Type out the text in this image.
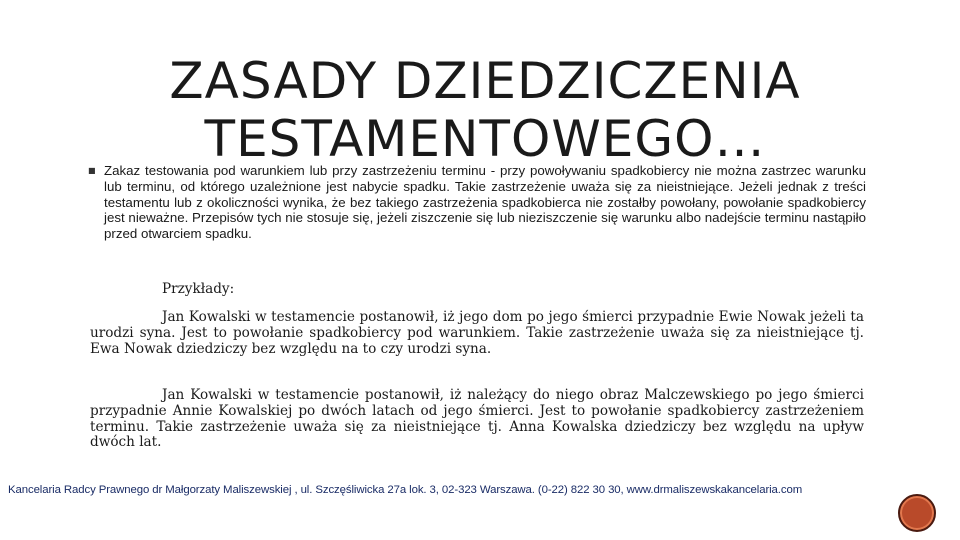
ZASADY DZIEDZICZENIA TESTAMENTOWEGO…
■ Zakaz testowania pod warunkiem lub przy zastrzeżeniu terminu - przy powoływaniu spadkobiercy nie można zastrzec warunku lub terminu, od którego uzależnione jest nabycie spadku. Takie zastrzeżenie uważa się za nieistniejące. Jeżeli jednak z treści testamentu lub z okoliczności wynika, że bez takiego zastrzeżenia spadkobierca nie zostałby powołany, powołanie spadkobiercy jest nieważne. Przepisów tych nie stosuje się, jeżeli ziszczenie się lub nieziszczenie się warunku albo nadejście terminu nastąpiło przed otwarciem spadku.

Przykłady:

Jan Kowalski w testamencie postanowił, iż jego dom po jego śmierci przypadnie Ewie Nowak jeżeli ta urodzi syna. Jest to powołanie spadkobiercy pod warunkiem. Takie zastrzeżenie uważa się za nieistniejące tj. Ewa Nowak dziedziczy bez względu na to czy urodzi syna.

Jan Kowalski w testamencie postanowił, iż należący do niego obraz Malczewskiego po jego śmierci przypadnie Annie Kowalskiej po dwóch latach od jego śmierci. Jest to powołanie spadkobiercy zastrzeżeniem terminu. Takie zastrzeżenie uważa się za nieistniejące tj. Anna Kowalska dziedziczy bez względu na upływ dwóch lat.

Kancelaria Radcy Prawnego dr Małgorzaty Maliszewskiej , ul. Szczęśliwicka 27a lok. 3, 02-323 Warszawa. (0-22) 822 30 30, www.drmaliszewskakancelaria.com
